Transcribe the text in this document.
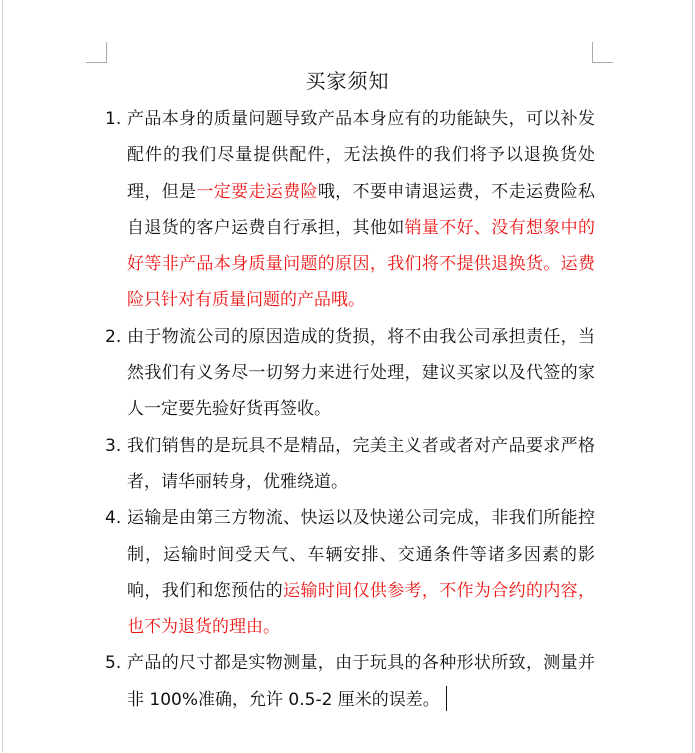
买家须知
1. 产品本身的质量问题导致产品本身应有的功能缺失，可以补发配件的我们尽量提供配件，无法换件的我们将予以退换货处理，但是一定要走运费险哦，不要申请退运费，不走运费险私自退货的客户运费自行承担，其他如销量不好、没有想象中的好等非产品本身质量问题的原因，我们将不提供退换货。运费险只针对有质量问题的产品哦。
2. 由于物流公司的原因造成的货损，将不由我公司承担责任，当然我们有义务尽一切努力来进行处理，建议买家以及代签的家人一定要先验好货再签收。
3. 我们销售的是玩具不是精品，完美主义者或者对产品要求严格者，请华丽转身，优雅绕道。
4. 运输是由第三方物流、快运以及快递公司完成，非我们所能控制，运输时间受天气、车辆安排、交通条件等诸多因素的影响，我们和您预估的运输时间仅供参考，不作为合约的内容，也不为退货的理由。
5. 产品的尺寸都是实物测量，由于玩具的各种形状所致，测量并非 100%准确，允许 0.5-2 厘米的误差。
